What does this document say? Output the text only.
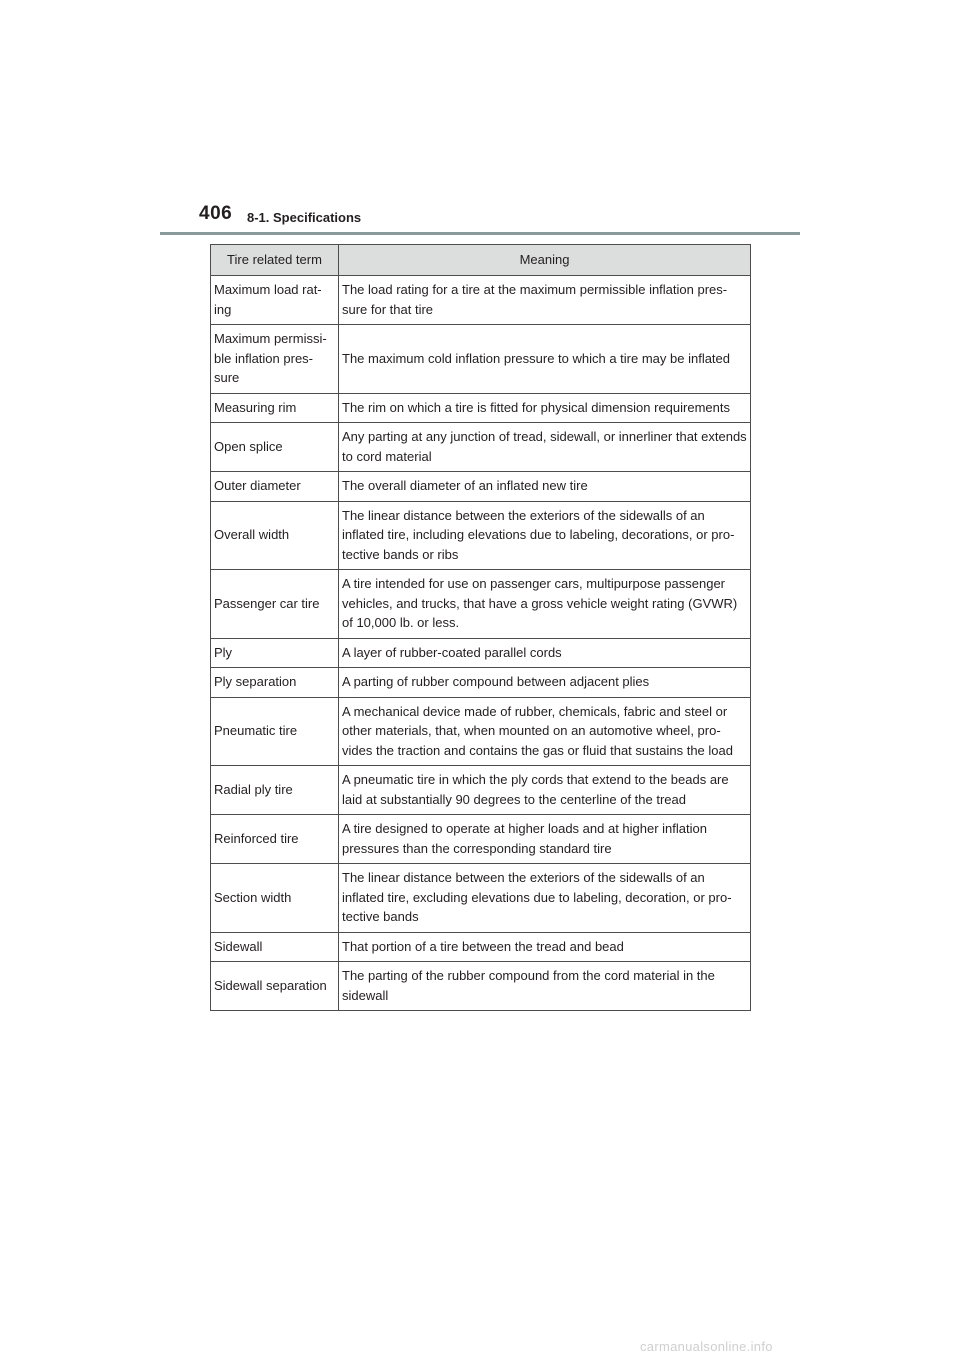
406 8-1. Specifications
Tire related term	Meaning
Maximum load rat-ing	The load rating for a tire at the maximum permissible inflation pres-sure for that tire
Maximum permissi-ble inflation pres-sure	The maximum cold inflation pressure to which a tire may be inflated
Measuring rim	The rim on which a tire is fitted for physical dimension requirements
Open splice	Any parting at any junction of tread, sidewall, or innerliner that extends to cord material
Outer diameter	The overall diameter of an inflated new tire
Overall width	The linear distance between the exteriors of the sidewalls of an inflated tire, including elevations due to labeling, decorations, or pro-tective bands or ribs
Passenger car tire	A tire intended for use on passenger cars, multipurpose passenger vehicles, and trucks, that have a gross vehicle weight rating (GVWR) of 10,000 lb. or less.
Ply	A layer of rubber-coated parallel cords
Ply separation	A parting of rubber compound between adjacent plies
Pneumatic tire	A mechanical device made of rubber, chemicals, fabric and steel or other materials, that, when mounted on an automotive wheel, pro-vides the traction and contains the gas or fluid that sustains the load
Radial ply tire	A pneumatic tire in which the ply cords that extend to the beads are laid at substantially 90 degrees to the centerline of the tread
Reinforced tire	A tire designed to operate at higher loads and at higher inflation pressures than the corresponding standard tire
Section width	The linear distance between the exteriors of the sidewalls of an inflated tire, excluding elevations due to labeling, decoration, or pro-tective bands
Sidewall	That portion of a tire between the tread and bead
Sidewall separation	The parting of the rubber compound from the cord material in the sidewall
carmanualsonline.info
